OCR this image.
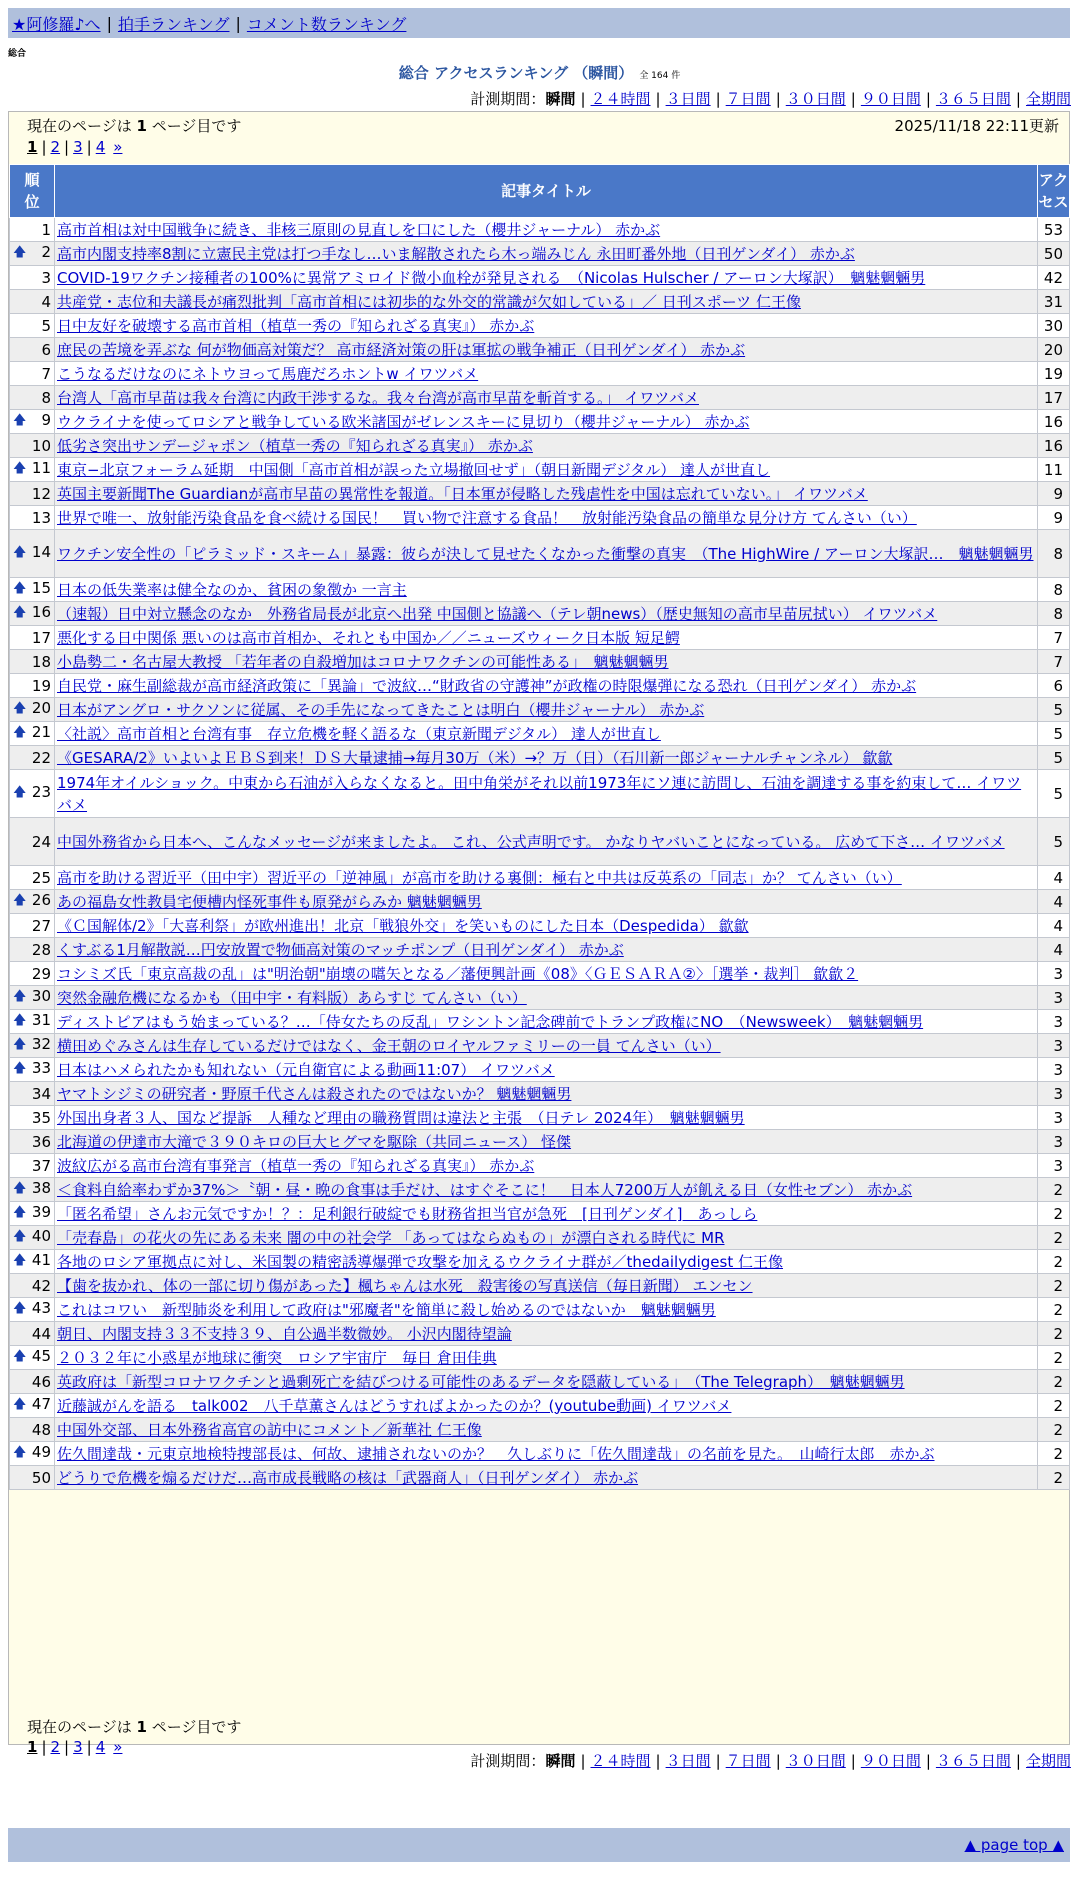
★阿修羅♪へ | 拍手ランキング | コメント数ランキング
総合
総合 アクセスランキング （瞬間） 全 164 件
計測期間：瞬間 | ２４時間 | ３日間 | ７日間 | ３０日間 | ９０日間 | ３６５日間 | 全期間
現在のページは 1 ページ目です	2025/11/18 22:11更新
1 | 2 | 3 | 4 »
順
位	記事タイトル	アク
セス
1	高市首相は対中国戦争に続き、非核三原則の見直しを口にした（櫻井ジャーナル） 赤かぶ	53

🡅 2	高市内閣支持率8割に立憲民主党は打つ手なし…いま解散されたら木っ端みじん 永田町番外地（日刊ゲンダイ） 赤かぶ	50
3	COVID-19ワクチン接種者の100%に異常アミロイド微小血栓が発見される　（Nicolas Hulscher / アーロン大塚訳）　魑魅魍魎男	42
4	共産党・志位和夫議長が痛烈批判「高市首相には初歩的な外交的常識が欠如している」／ 日刊スポーツ 仁王像	31
5	日中友好を破壊する高市首相（植草一秀の『知られざる真実』） 赤かぶ	30
6	庶民の苦境を弄ぶな 何が物価高対策だ？ 高市経済対策の肝は軍拡の戦争補正（日刊ゲンダイ） 赤かぶ	20
7	こうなるだけなのにネトウヨって馬鹿だろホントw イワツバメ	19
8	台湾人「高市早苗は我々台湾に内政干渉するな。我々台湾が高市早苗を斬首する。」 イワツバメ	17

🡅 9	ウクライナを使ってロシアと戦争している欧米諸国がゼレンスキーに見切り（櫻井ジャーナル） 赤かぶ	16
10	低劣さ突出サンデージャポン（植草一秀の『知られざる真実』） 赤かぶ	16

🡅 11	東京−北京フォーラム延期　中国側「高市首相が誤った立場撤回せず」（朝日新聞デジタル） 達人が世直し	11
12	英国主要新聞The Guardianが高市早苗の異常性を報道。「日本軍が侵略した残虐性を中国は忘れていない。」 イワツバメ	9
13	世界で唯一、放射能汚染食品を食べ続ける国民！　買い物で注意する食品！　放射能汚染食品の簡単な見分け方 てんさい（い）	9

🡅 14	ワクチン安全性の「ピラミッド・スキーム」暴露：彼らが決して見せたくなかった衝撃の真実　（The HighWire / アーロン大塚訳…　魑魅魍魎男	8

🡅 15	日本の低失業率は健全なのか、貧困の象徴か 一言主	8

🡅 16	（速報）日中対立懸念のなか　外務省局長が北京へ出発 中国側と協議へ（テレ朝news）（歴史無知の高市早苗尻拭い） イワツバメ	8
17	悪化する日中関係 悪いのは高市首相か、それとも中国か／／ニューズウィーク日本版 短足鰐	7
18	小島勢二・名古屋大教授 「若年者の自殺増加はコロナワクチンの可能性ある」　魑魅魍魎男	7
19	自民党・麻生副総裁が高市経済政策に「異論」で波紋…“財政省の守護神”が政権の時限爆弾になる恐れ（日刊ゲンダイ） 赤かぶ	6

🡅 20	日本がアングロ・サクソンに従属、その手先になってきたことは明白（櫻井ジャーナル） 赤かぶ	5

🡅 21	〈社説〉高市首相と台湾有事　存立危機を軽く語るな（東京新聞デジタル） 達人が世直し	5
22	《GESARA/2》いよいよＥＢＳ到来！ＤＳ大量逮捕→毎月30万（米）→？万（日）（石川新一郎ジャーナルチャンネル） 歙歙	5

🡅 23	1974年オイルショック。中東から石油が入らなくなると。田中角栄がそれ以前1973年にソ連に訪問し、石油を調達する事を約束して… イワツバメ	5
24	中国外務省から日本へ、こんなメッセージが来ましたよ。 これ、公式声明です。 かなりヤバいことになっている。 広めて下さ… イワツバメ	5
25	高市を助ける習近平（田中宇）習近平の「逆神風」が高市を助ける裏側：極右と中共は反英系の「同志」か？ てんさい（い）	4

🡅 26	あの福島女性教員宅便槽内怪死事件も原発がらみか 魑魅魍魎男	4
27	《Ｃ国解体/2》「大喜利祭」が欧州進出！北京「戦狼外交」を笑いものにした日本（Despedida） 歙歙	4
28	くすぶる1月解散説…円安放置で物価高対策のマッチポンプ（日刊ゲンダイ） 赤かぶ	4
29	コシミズ氏「東京高裁の乱」は"明治朝"崩壊の嚆矢となる／藩便興計画《08》〈ＧＥＳＡＲＡ②〉［選挙・裁判］ 歙歙２	3

🡅 30	突然金融危機になるかも（田中宇・有料版）あらすじ てんさい（い）	3

🡅 31	ディストピアはもう始まっている？…「侍女たちの反乱」ワシントン記念碑前でトランプ政権にNO　（Newsweek）　魑魅魍魎男	3

🡅 32	横田めぐみさんは生存しているだけではなく、金王朝のロイヤルファミリーの一員 てんさい（い）	3

🡅 33	日本はハメられたかも知れない（元自衛官による動画11:07） イワツバメ	3
34	ヤマトシジミの研究者・野原千代さんは殺されたのではないか？ 魑魅魍魎男	3
35	外国出身者３人、国など提訴　人種など理由の職務質問は違法と主張　（日テレ 2024年）　魑魅魍魎男	3
36	北海道の伊達市大滝で３９０キロの巨大ヒグマを駆除（共同ニュース） 怪傑	3
37	波紋広がる高市台湾有事発言（植草一秀の『知られざる真実』） 赤かぶ	3

🡅 38	＜食料自給率わずか37%＞〝朝・昼・晩の食事は手だけ、はすぐそこに！　日本人7200万人が飢える日（女性セブン） 赤かぶ	2

🡅 39	「匿名希望」さんお元気ですか！？：足利銀行破綻でも財務省担当官が急死　[日刊ゲンダイ]　あっしら	2

🡅 40	「売春島」の花火の先にある未来 闇の中の社会学 「あってはならぬもの」が漂白される時代に MR	2

🡅 41	各地のロシア軍拠点に対し、米国製の精密誘導爆弾で攻撃を加えるウクライナ群が／thedailydigest 仁王像	2
42	【歯を抜かれ、体の一部に切り傷があった】楓ちゃんは水死　殺害後の写真送信（毎日新聞） エンセン	2

🡅 43	これはコワい　新型肺炎を利用して政府は"邪魔者"を簡単に殺し始めるのではないか　魑魅魍魎男	2
44	朝日、内閣支持３３不支持３９、自公過半数微妙。 小沢内閣待望論	2

🡅 45	２０３２年に小惑星が地球に衝突　ロシア宇宙庁　毎日 倉田佳典	2
46	英政府は「新型コロナワクチンと過剰死亡を結びつける可能性のあるデータを隠蔽している」　（The Telegraph）　魑魅魍魎男	2

🡅 47	近藤誠がんを語る　talk002　八千草薫さんはどうすればよかったのか？(youtube動画) イワツバメ	2
48	中国外交部、日本外務省高官の訪中にコメント／新華社 仁王像	2

🡅 49	佐久間達哉・元東京地検特捜部長は、何故、逮捕されないのか？　久しぶりに「佐久間達哉」の名前を見た。　山崎行太郎　赤かぶ	2
50	どうりで危機を煽るだけだ…高市成長戦略の核は「武器商人」（日刊ゲンダイ） 赤かぶ	2
現在のページは 1 ページ目です
1 | 2 | 3 | 4 »
計測期間：瞬間 | ２４時間 | ３日間 | ７日間 | ３０日間 | ９０日間 | ３６５日間 | 全期間
▲ page top ▲
